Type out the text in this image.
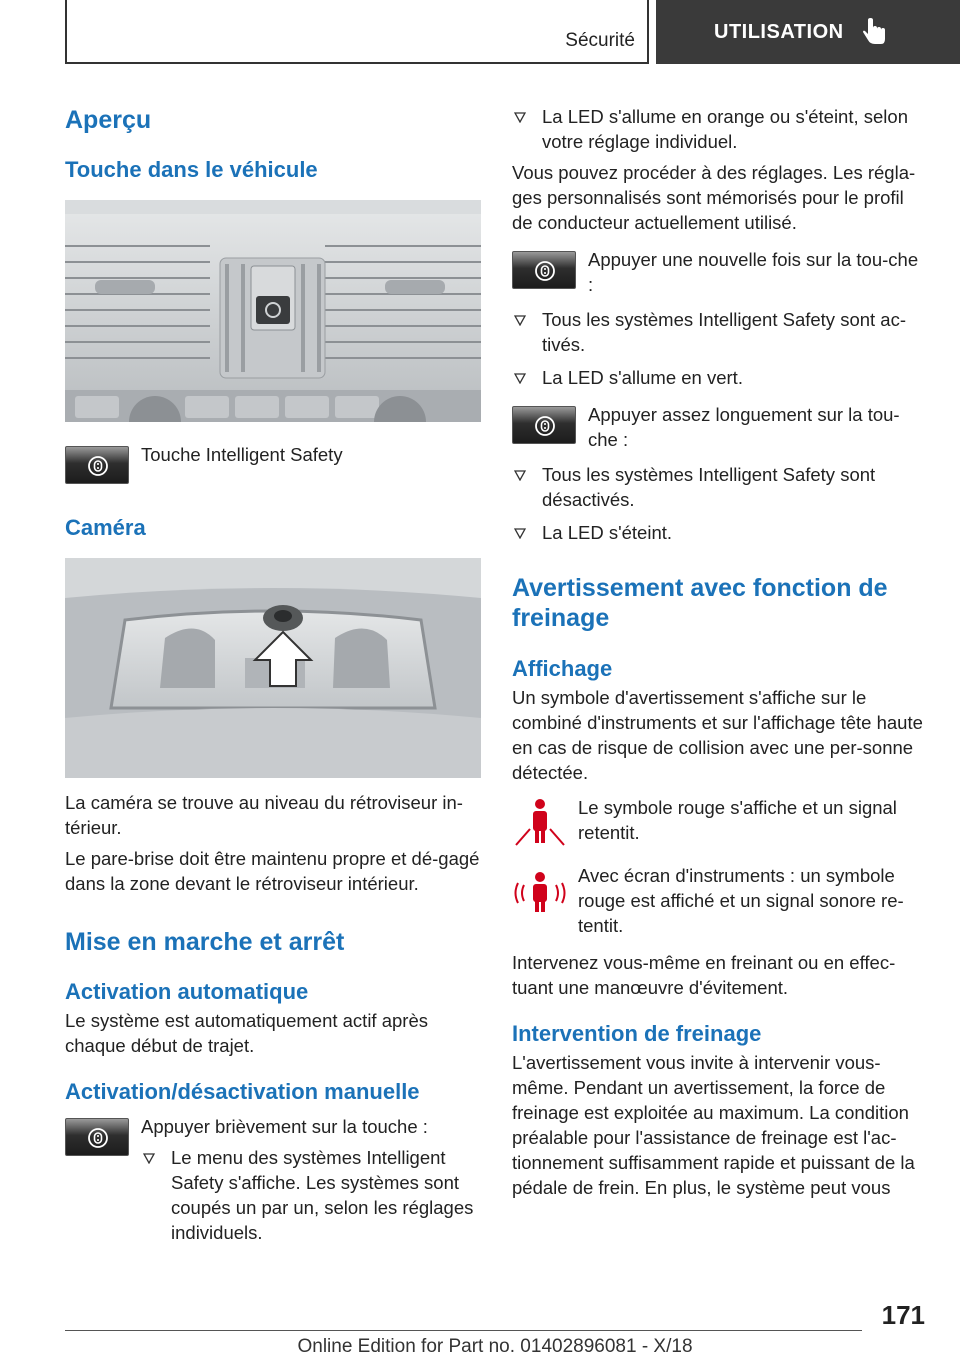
Sécurité	UTILISATION
Aperçu
Touche dans le véhicule

Touche Intelligent Safety

Caméra

La caméra se trouve au niveau du rétroviseur in‐térieur.

Le pare-brise doit être maintenu propre et dé‐gagé dans la zone devant le rétroviseur intérieur.

Mise en marche et arrêt
Activation automatique

Le système est automatiquement actif après chaque début de trajet.

Activation/désactivation manuelle

Appuyer brièvement sur la touche :

Le menu des systèmes Intelligent Safety s'affiche. Les systèmes sont coupés un par un, selon les réglages individuels.
La LED s'allume en orange ou s'éteint, selon votre réglage individuel.

Vous pouvez procéder à des réglages. Les régla‐ges personnalisés sont mémorisés pour le profil de conducteur actuellement utilisé.

Appuyer une nouvelle fois sur la tou‐che :

Tous les systèmes Intelligent Safety sont ac‐tivés.
La LED s'allume en vert.

Appuyer assez longuement sur la tou‐che :

Tous les systèmes Intelligent Safety sont désactivés.
La LED s'éteint.
Avertissement avec fonction de freinage
Affichage

Un symbole d'avertissement s'affiche sur le combiné d'instruments et sur l'affichage tête haute en cas de risque de collision avec une per‐sonne détectée.

Le symbole rouge s'affiche et un signal retentit.

Avec écran d'instruments : un symbole rouge est affiché et un signal sonore re‐tentit.

Intervenez vous-même en freinant ou en effec‐tuant une manœuvre d'évitement.

Intervention de freinage

L'avertissement vous invite à intervenir vous-même. Pendant un avertissement, la force de freinage est exploitée au maximum. La condition préalable pour l'assistance de freinage est l'ac‐tionnement suffisamment rapide et puissant de la pédale de frein. En plus, le système peut vous

171
Online Edition for Part no. 01402896081 - X/18
